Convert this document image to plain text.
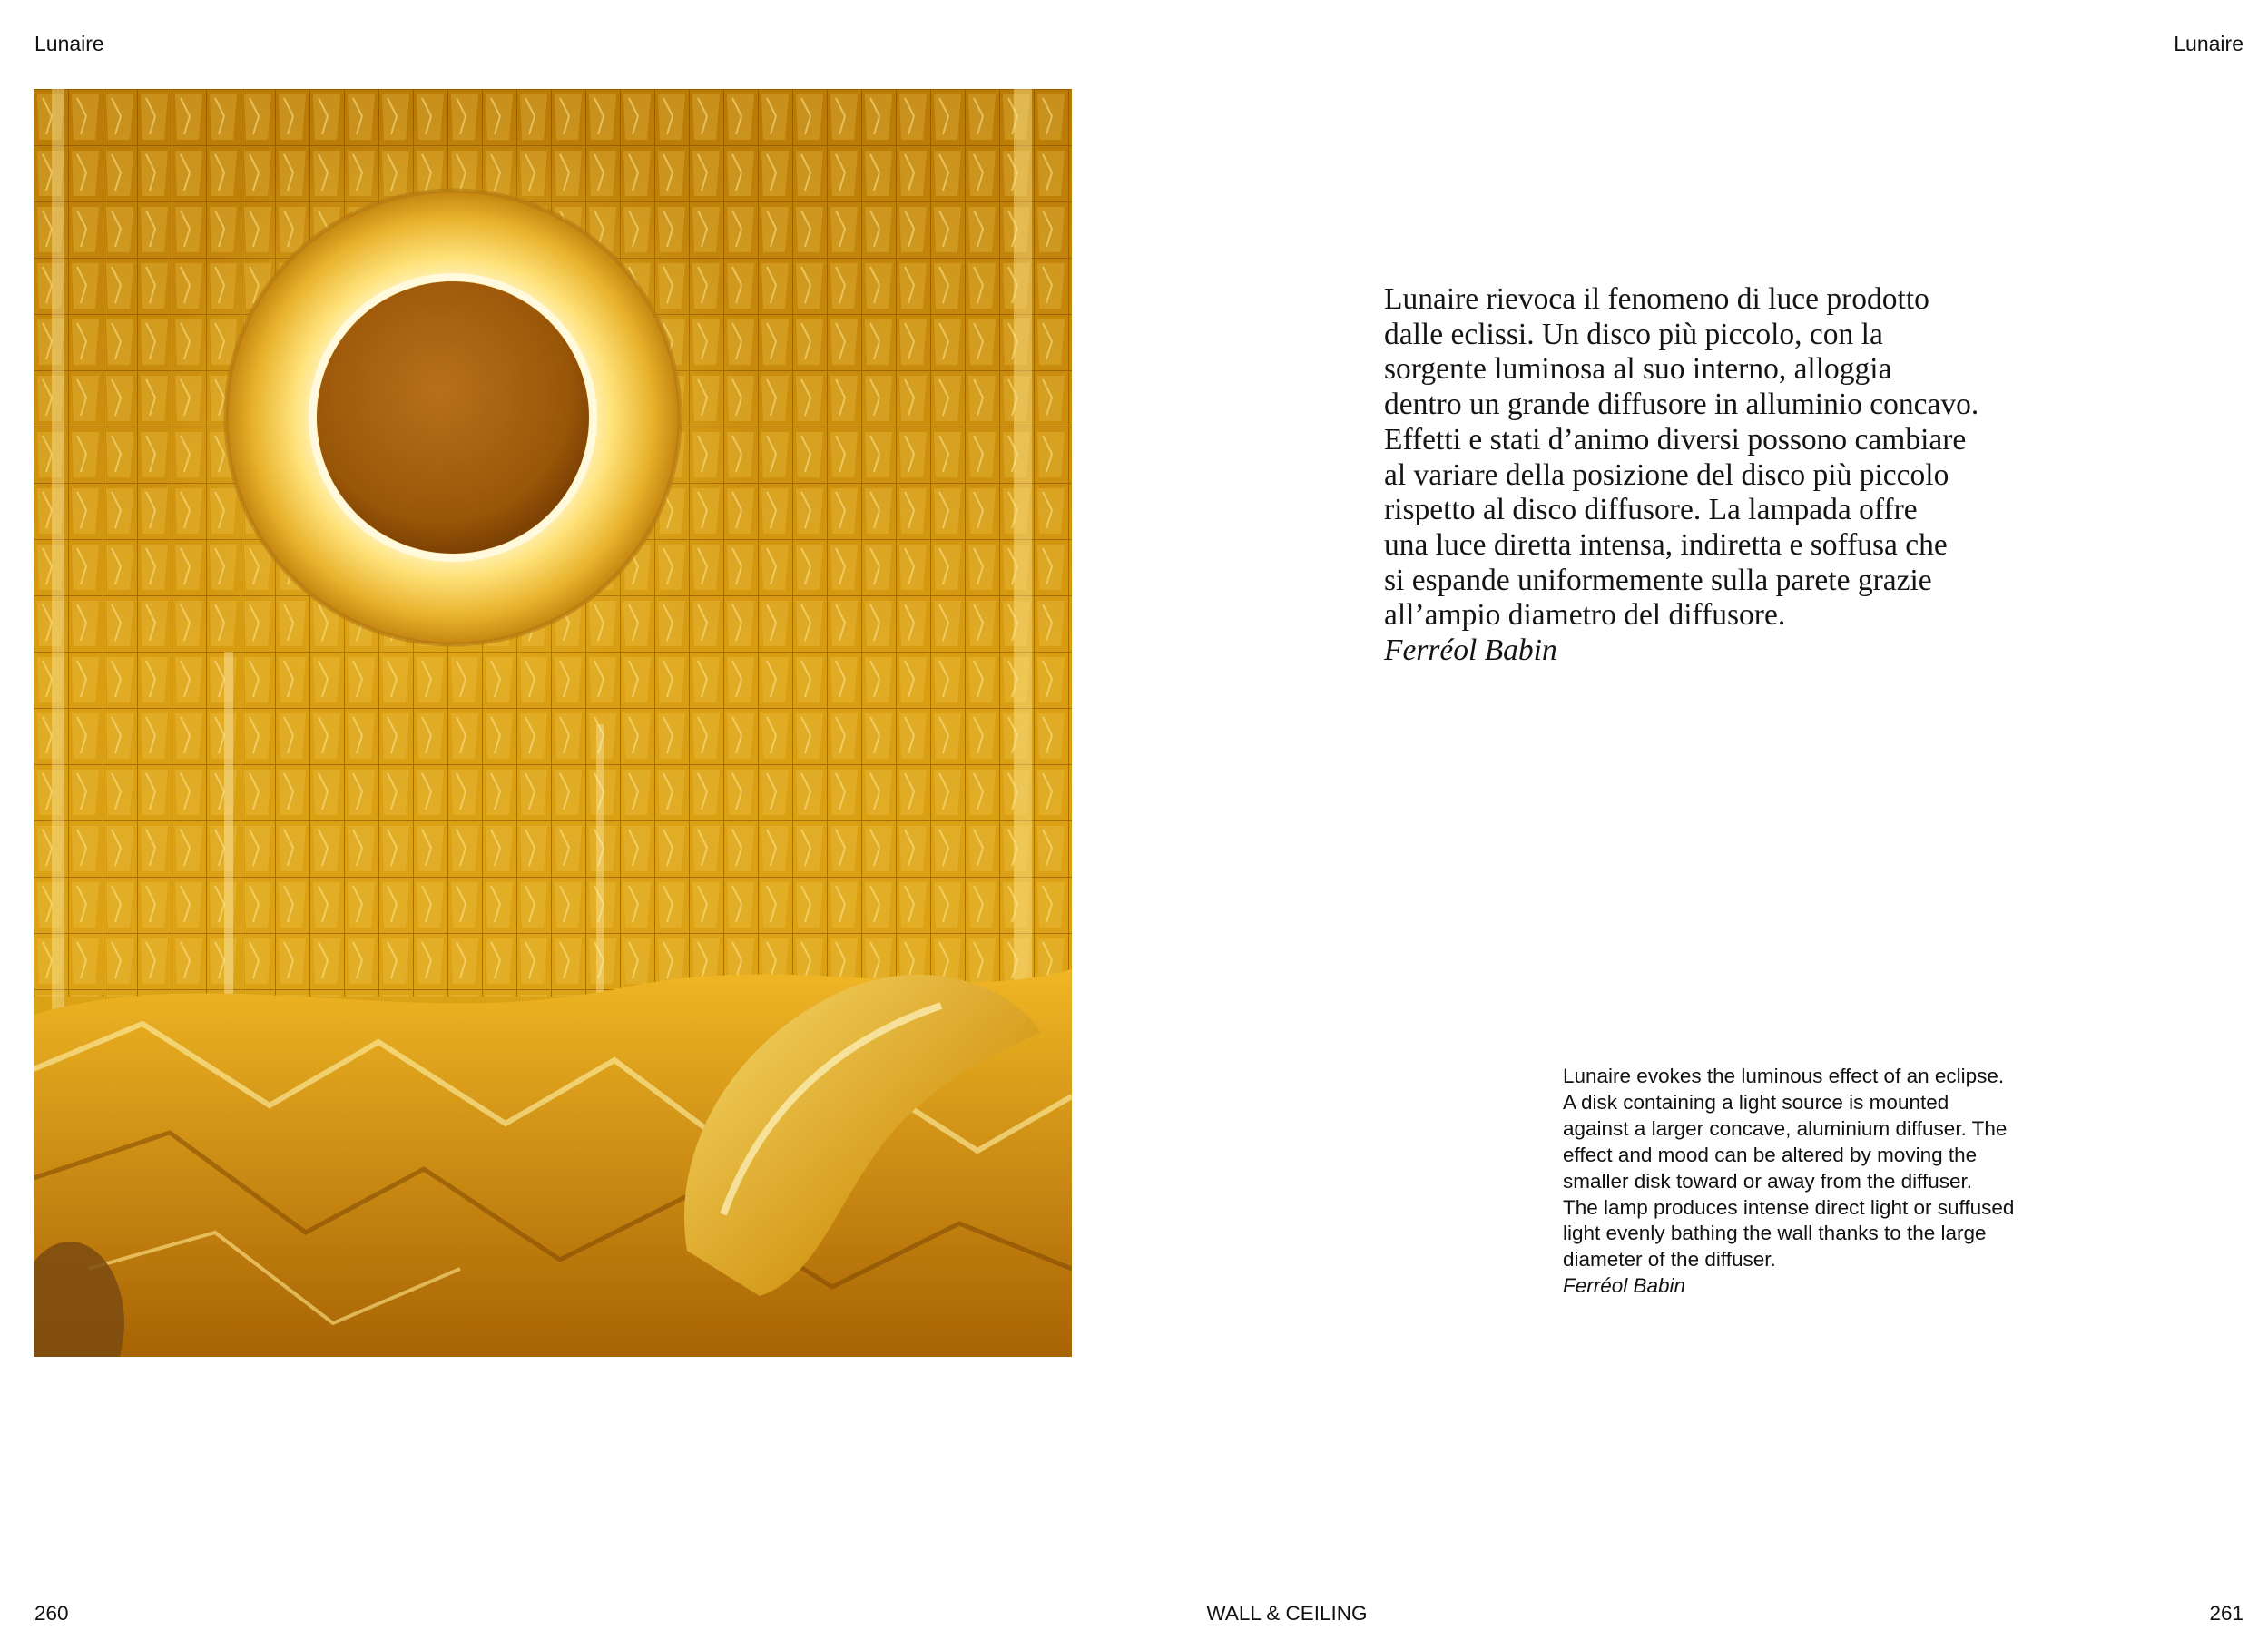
Lunaire	Lunaire

Lunaire rievoca il fenomeno di luce prodotto
dalle eclissi. Un disco più piccolo, con la
sorgente luminosa al suo interno, alloggia
dentro un grande diffusore in alluminio concavo.
Effetti e stati d’animo diversi possono cambiare
al variare della posizione del disco più piccolo
rispetto al disco diffusore. La lampada offre
una luce diretta intensa, indiretta e soffusa che
si espande uniformemente sulla parete grazie
all’ampio diametro del diffusore.
Ferréol Babin

Lunaire evokes the luminous effect of an eclipse.
A disk containing a light source is mounted
against a larger concave, aluminium diffuser. The
effect and mood can be altered by moving the
smaller disk toward or away from the diffuser.
The lamp produces intense direct light or suffused
light evenly bathing the wall thanks to the large
diameter of the diffuser.
Ferréol Babin
260	WALL & CEILING	261
